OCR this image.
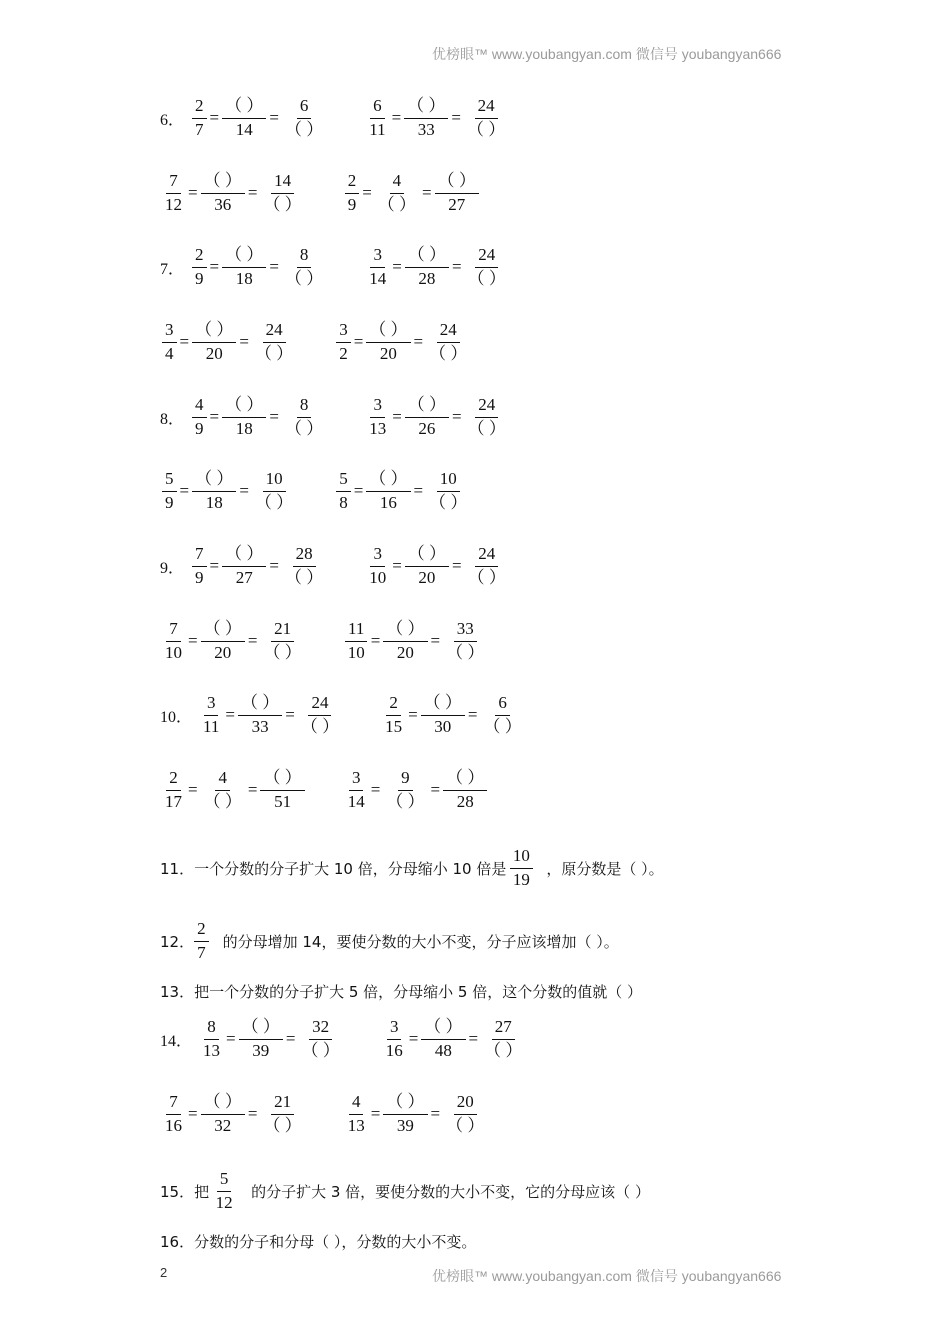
优榜眼™ www.youbangyan.com 微信号 youbangyan666
6． $\frac{2}{7} = \frac{( )}{14} = \frac{6}{( )} \frac{6}{11} = \frac{( )}{33} = \frac{24}{( )}$
$\frac{7}{12} = \frac{( )}{36} = \frac{14}{( )} \frac{2}{9} = \frac{4}{( )} = \frac{( )}{27}$
7． $\frac{2}{9} = \frac{( )}{18} = \frac{8}{( )} \frac{3}{14} = \frac{( )}{28} = \frac{24}{( )}$
$\frac{3}{4} = \frac{( )}{20} = \frac{24}{( )} \frac{3}{2} = \frac{( )}{20} = \frac{24}{( )}$
8． $\frac{4}{9} = \frac{( )}{18} = \frac{8}{( )} \frac{3}{13} = \frac{( )}{26} = \frac{24}{( )}$
$\frac{5}{9} = \frac{( )}{18} = \frac{10}{( )} \frac{5}{8} = \frac{( )}{16} = \frac{10}{( )}$
9． $\frac{7}{9} = \frac{( )}{27} = \frac{28}{( )} \frac{3}{10} = \frac{( )}{20} = \frac{24}{( )}$
$\frac{7}{10} = \frac{( )}{20} = \frac{21}{( )} \frac{11}{10} = \frac{( )}{20} = \frac{33}{( )}$
10． $\frac{3}{11} = \frac{( )}{33} = \frac{24}{( )} \frac{2}{15} = \frac{( )}{30} = \frac{6}{( )}$
$\frac{2}{17} = \frac{4}{( )} = \frac{( )}{51} \frac{3}{14} = \frac{9}{( )} = \frac{( )}{28}$
14． $\frac{8}{13} = \frac{( )}{39} = \frac{32}{( )} \frac{3}{16} = \frac{( )}{48} = \frac{27}{( )}$
$\frac{7}{16} = \frac{( )}{32} = \frac{21}{( )} \frac{4}{13} = \frac{( )}{39} = \frac{20}{( )}$
11．一个分数的分子扩大 10 倍，分母缩小 10 倍是 $\frac{10}{19}$ ，原分数是（ ）。
12． $\frac{2}{7}$ 的分母增加 14，要使分数的大小不变，分子应该增加（ ）。
13．把一个分数的分子扩大 5 倍，分母缩小 5 倍，这个分数的值就（ ）
15．把 $\frac{5}{12}$ 的分子扩大 3 倍，要使分数的大小不变，它的分母应该（ ）
16．分数的分子和分母（ ），分数的大小不变。
2	优榜眼™ www.youbangyan.com 微信号 youbangyan666
